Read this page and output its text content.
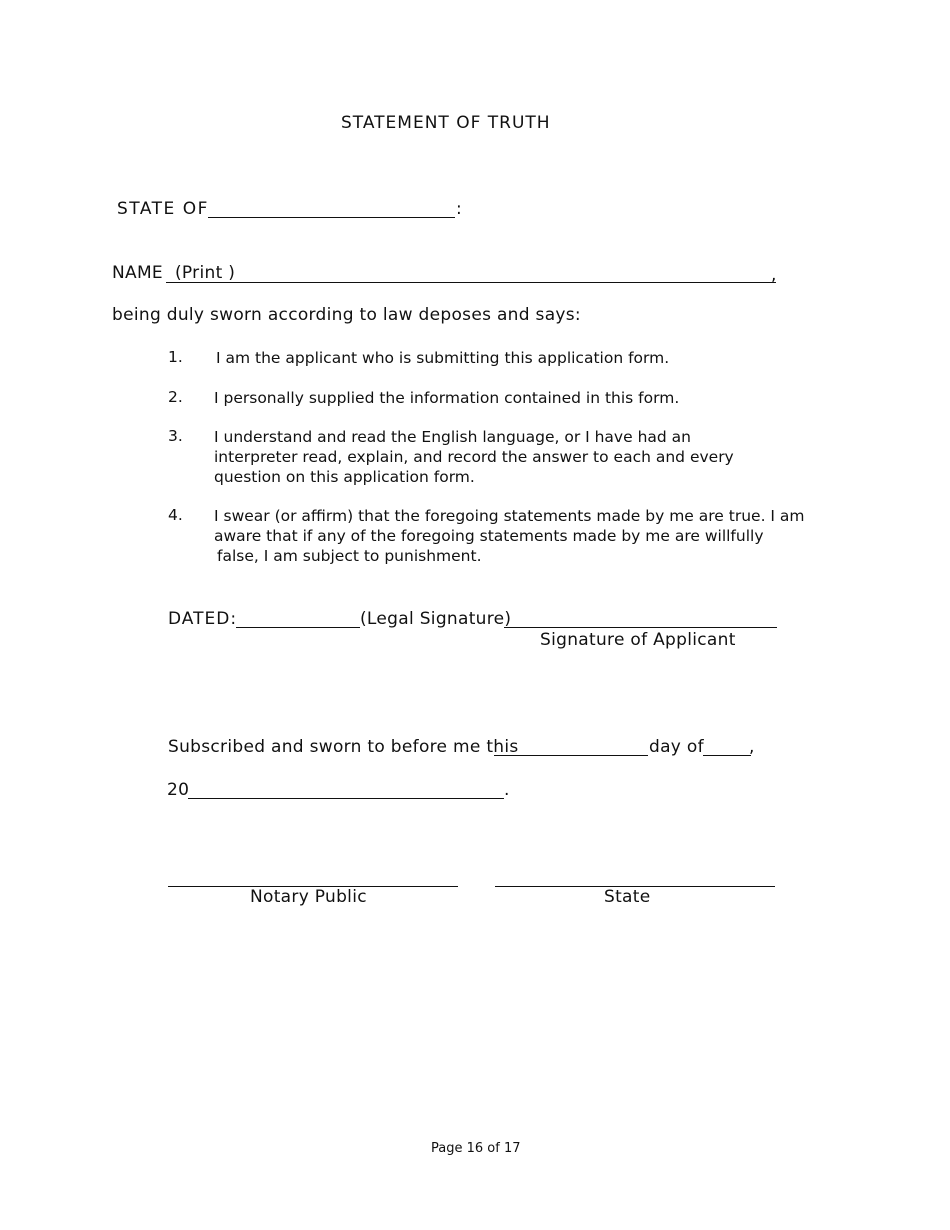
STATEMENT OF TRUTH
STATE OF	:
NAME (Print )	,
being duly sworn according to law deposes and says:
1. I am the applicant who is submitting this application form.
2. I personally supplied the information contained in this form.
3. I understand and read the English language, or I have had an
interpreter read, explain, and record the answer to each and every
question on this application form.
4. I swear (or affirm) that the foregoing statements made by me are true. I am
aware that if any of the foregoing statements made by me are willfully
false, I am subject to punishment.
DATED:	(Legal Signature)
Signature of Applicant
Subscribed and sworn to before me this	day of	,
20	.
Notary Public	State
Page 16 of 17
